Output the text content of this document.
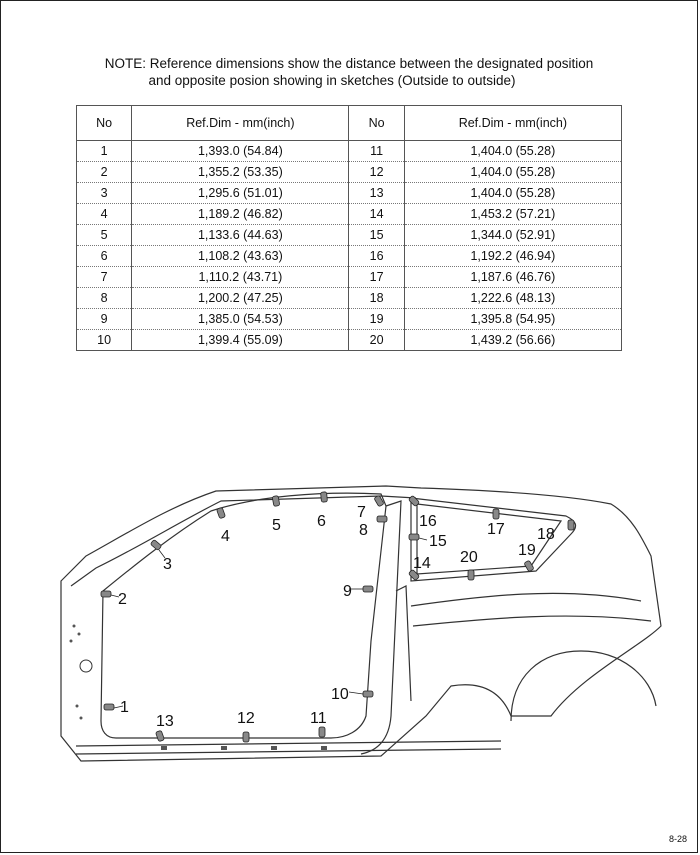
NOTE: Reference dimensions show the distance between the designated position
and opposite posion showing in sketches (Outside to outside)
No	Ref.Dim - mm(inch)	No	Ref.Dim - mm(inch)
1	1,393.0 (54.84)	11	1,404.0 (55.28)
2	1,355.2 (53.35)	12	1,404.0 (55.28)
3	1,295.6 (51.01)	13	1,404.0 (55.28)
4	1,189.2 (46.82)	14	1,453.2 (57.21)
5	1,133.6 (44.63)	15	1,344.0 (52.91)
6	1,108.2 (43.63)	16	1,192.2 (46.94)
7	1,110.2 (43.71)	17	1,187.6 (46.76)
8	1,200.2 (47.25)	18	1,222.6 (48.13)
9	1,385.0 (54.53)	19	1,395.8 (54.95)
10	1,399.4 (55.09)	20	1,439.2 (56.66)
1
2
3
4
5 6
7
8
9
10
11
12
13
14
15
16	17 18
19
20
8-28
